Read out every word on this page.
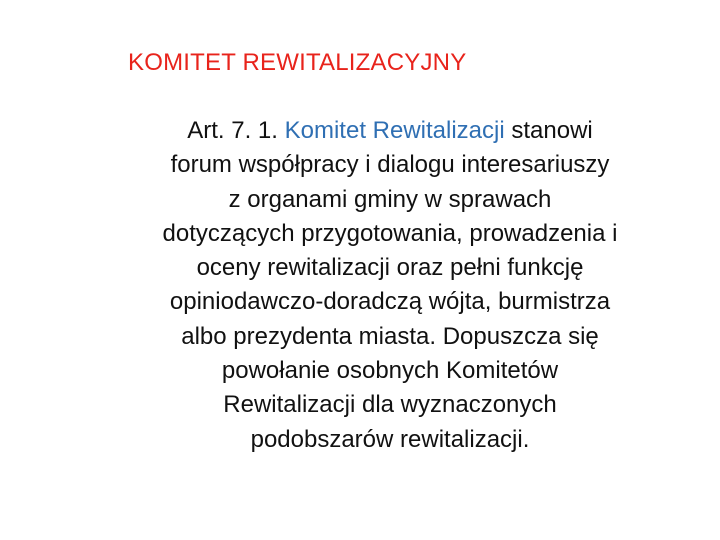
KOMITET REWITALIZACYJNY
Art. 7. 1. Komitet Rewitalizacji stanowi
forum współpracy i dialogu interesariuszy
z organami gminy w sprawach
dotyczących przygotowania, prowadzenia i
oceny rewitalizacji oraz pełni funkcję
opiniodawczo-doradczą wójta, burmistrza
albo prezydenta miasta. Dopuszcza się
powołanie osobnych Komitetów
Rewitalizacji dla wyznaczonych
podobszarów rewitalizacji.
